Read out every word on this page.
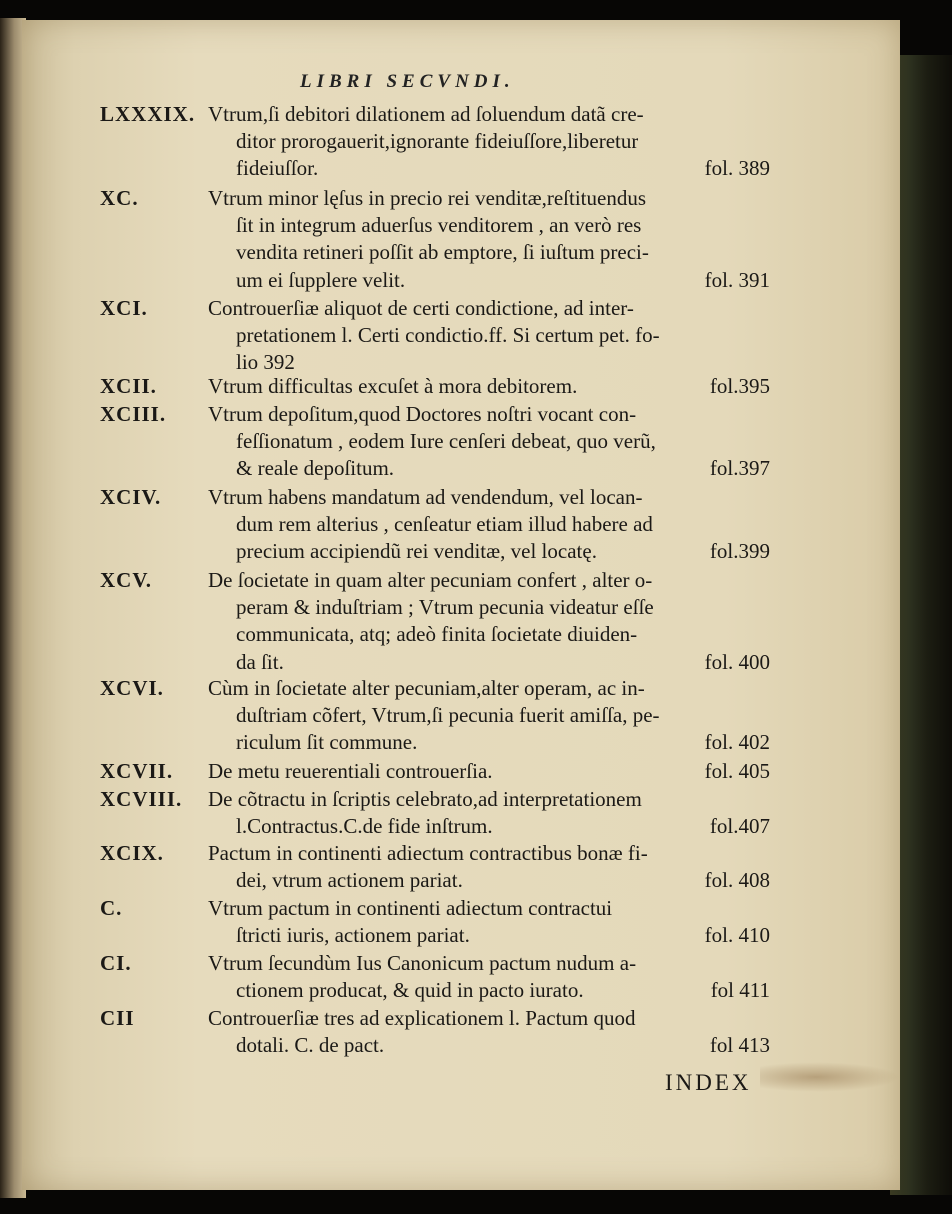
LIBRI SECVNDI.

LXXXIX. Vtrum,ſi debitori dilationem ad ſoluendum datã cre-
ditor prorogauerit,ignorante fideiuſſore,liberetur
fideiuſſor.	fol. 389
XC.	Vtrum minor lęſus in precio rei venditæ,reſtituendus
ſit in integrum aduerſus venditorem , an verò res
vendita retineri poſſit ab emptore, ſi iuſtum preci-
um ei ſupplere velit.	fol. 391
XCI.	Controuerſiæ aliquot de certi condictione, ad inter-
pretationem l. Certi condictio.ff. Si certum pet. fo-
lio 392
XCII. Vtrum difficultas excuſet à mora debitorem.	fol.395
XCIII. Vtrum depoſitum,quod Doctores noſtri vocant con-
feſſionatum , eodem Iure cenſeri debeat, quo verũ,
& reale depoſitum.	fol.397
XCIV. Vtrum habens mandatum ad vendendum, vel locan-
dum rem alterius , cenſeatur etiam illud habere ad
precium accipiendũ rei venditæ, vel locatę.	fol.399
XCV.	De ſocietate in quam alter pecuniam confert , alter o-
peram & induſtriam ; Vtrum pecunia videatur eſſe
communicata, atq; adeò finita ſocietate diuiden-
da ſit.	fol. 400
XCVI. Cùm in ſocietate alter pecuniam,alter operam, ac in-
duſtriam cõfert, Vtrum,ſi pecunia fuerit amiſſa, pe-
riculum ſit commune.	fol. 402
XCVII. De metu reuerentiali controuerſia.	fol. 405
XCVIII. De cõtractu in ſcriptis celebrato,ad interpretationem
l.Contractus.C.de fide inſtrum.	fol.407
XCIX. Pactum in continenti adiectum contractibus bonæ fi-
dei, vtrum actionem pariat.	fol. 408
C.	Vtrum pactum in continenti adiectum contractui
ſtricti iuris, actionem pariat.	fol. 410
CI.	Vtrum ſecundùm Ius Canonicum pactum nudum a-
ctionem producat, & quid in pacto iurato.	fol 411
CII	Controuerſiæ tres ad explicationem l. Pactum quod
dotali. C. de pact.	fol 413
INDEX
